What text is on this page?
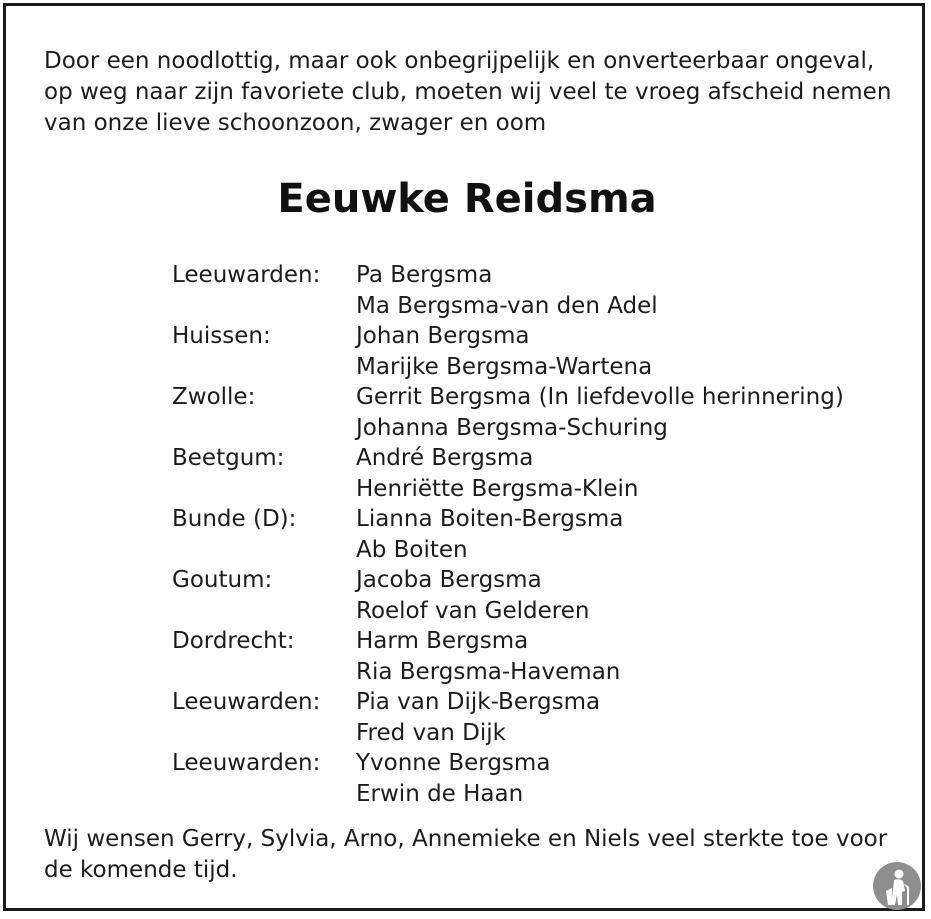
Door een noodlottig, maar ook onbegrijpelijk en onverteerbaar ongeval,
op weg naar zijn favoriete club, moeten wij veel te vroeg afscheid nemen
van onze lieve schoonzoon, zwager en oom

Eeuwke Reidsma
Leeuwarden: Pa Bergsma
Ma Bergsma-van den Adel
Huissen:	Johan Bergsma
Marijke Bergsma-Wartena
Zwolle:	Gerrit Bergsma (In liefdevolle herinnering)
Johanna Bergsma-Schuring
Beetgum:	André Bergsma
Henriëtte Bergsma-Klein
Bunde (D):	Lianna Boiten-Bergsma
Ab Boiten
Goutum:	Jacoba Bergsma
Roelof van Gelderen
Dordrecht:	Harm Bergsma
Ria Bergsma-Haveman
Leeuwarden: Pia van Dijk-Bergsma
Fred van Dijk
Leeuwarden: Yvonne Bergsma
Erwin de Haan

Wij wensen Gerry, Sylvia, Arno, Annemieke en Niels veel sterkte toe voor
de komende tijd.
